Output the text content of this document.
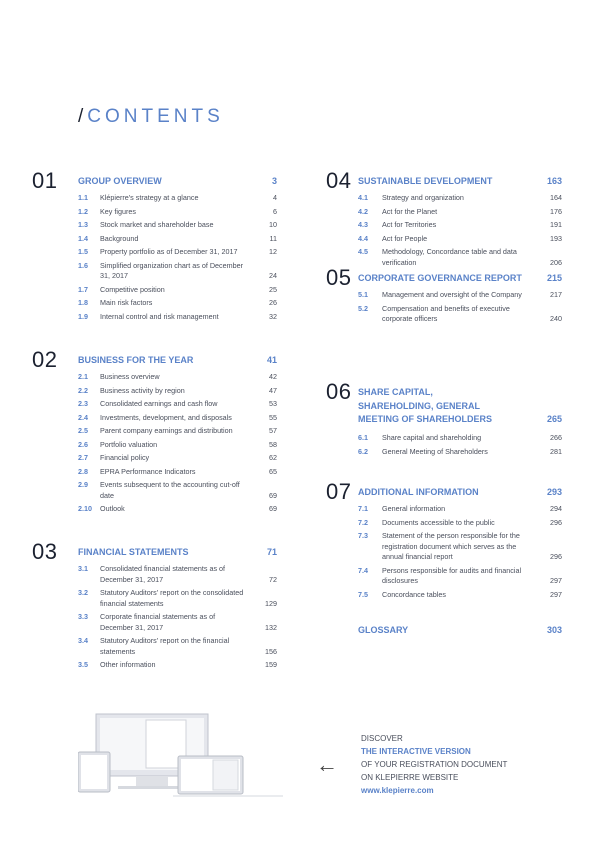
/ CONTENTS
01 GROUP OVERVIEW	3
1.1 Klépierre's strategy at a glance	4
1.2 Key figures	6
1.3 Stock market and shareholder base	10
1.4 Background	11
1.5 Property portfolio as of December 31, 2017	12
1.6 Simplified organization chart as of December 31, 2017	24
1.7 Competitive position	25
1.8 Main risk factors	26
1.9 Internal control and risk management	32
02 BUSINESS FOR THE YEAR	41
2.1 Business overview	42
2.2 Business activity by region	47
2.3 Consolidated earnings and cash flow	53
2.4 Investments, development, and disposals	55
2.5 Parent company earnings and distribution	57
2.6 Portfolio valuation	58
2.7 Financial policy	62
2.8 EPRA Performance Indicators	65
2.9 Events subsequent to the accounting cut-off date	69
2.10 Outlook	69
03 FINANCIAL STATEMENTS	71
3.1 Consolidated financial statements as of December 31, 2017	72
3.2 Statutory Auditors' report on the consolidated financial statements	129
3.3 Corporate financial statements as of December 31, 2017	132
3.4 Statutory Auditors' report on the financial statements	156
3.5 Other information	159
04 SUSTAINABLE DEVELOPMENT	163
4.1 Strategy and organization	164
4.2 Act for the Planet	176
4.3 Act for Territories	191
4.4 Act for People	193
4.5 Methodology, Concordance table and data verification	206
05 CORPORATE GOVERNANCE REPORT	215
5.1 Management and oversight of the Company	217
5.2 Compensation and benefits of executive corporate officers	240
06 SHARE CAPITAL, SHAREHOLDING, GENERAL MEETING OF SHAREHOLDERS	265
6.1 Share capital and shareholding	266
6.2 General Meeting of Shareholders	281
07 ADDITIONAL INFORMATION	293
7.1 General information	294
7.2 Documents accessible to the public	296
7.3 Statement of the person responsible for the registration document which serves as the annual financial report	296
7.4 Persons responsible for audits and financial disclosures	297
7.5 Concordance tables	297
GLOSSARY	303
←
DISCOVER
THE INTERACTIVE VERSION
OF YOUR REGISTRATION DOCUMENT
ON KLEPIERRE WEBSITE
www.klepierre.com
